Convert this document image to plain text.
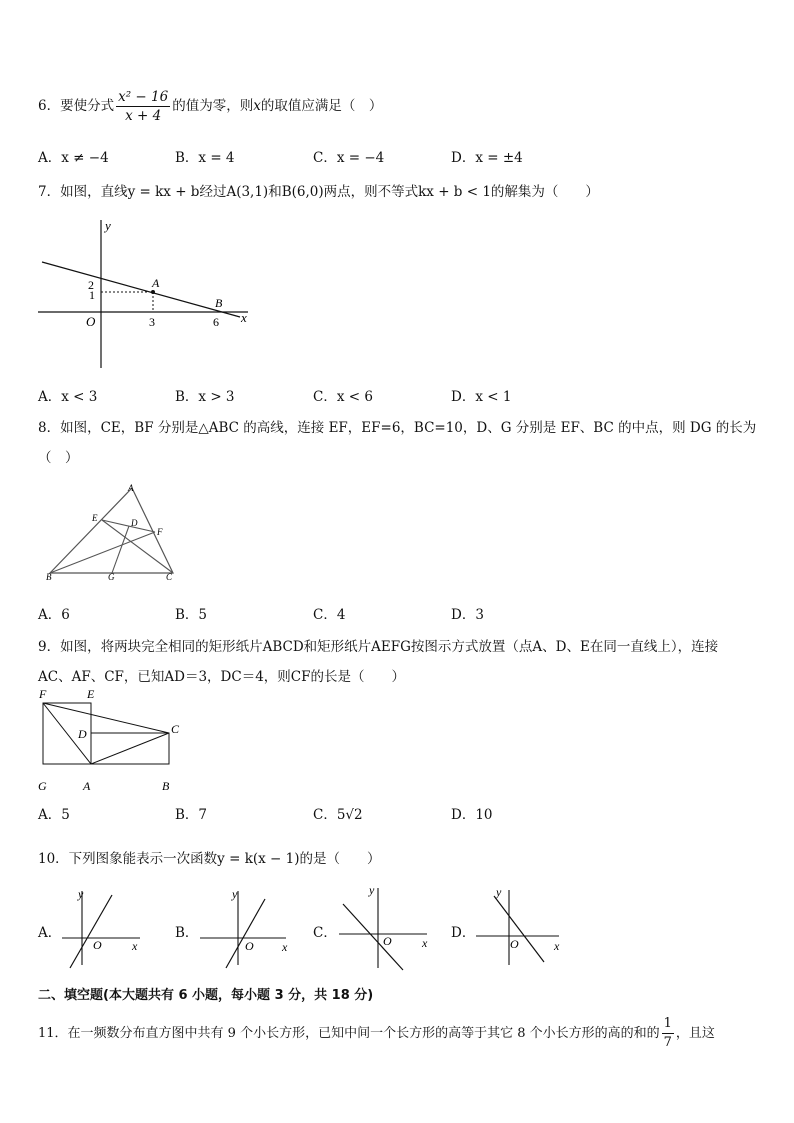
6．要使分式 $\frac{\text{x² − 16}}{x + 4}$ 的值为零，则x的取值应满足（　）
A．x ≠ −4	B．x = 4	C．x = −4	D．x = ±4
7．如图，直线y = kx + b经过A(3,1)和B(6,0)两点，则不等式kx + b < 1的解集为（　　）
y
x
O
2
1
A
B
3	6
A．x < 3	B．x > 3	C．x < 6	D．x < 1
8．如图，CE，BF 分别是△ABC 的高线，连接 EF，EF=6，BC=10，D、G 分别是 EF、BC 的中点，则 DG 的长为
（　）
A
E	D
F
B	G	C
A．6	B．5	C．4	D．3
9．如图，将两块完全相同的矩形纸片ABCD和矩形纸片AEFG按图示方式放置（点A、D、E在同一直线上），连接
AC、AF、CF，已知AD＝3，DC＝4，则CF的长是（　　）
F	E
D	C
G	A	B
A．5	B．7	C．5√2	D．10
10．下列图象能表示一次函数y = k(x − 1)的是（　　）
A．
y
x
O
B．
y
x
O
C．
y
x
O	D．
y
x
O
二、填空题(本大题共有 6 小题，每小题 3 分，共 18 分)
11．在一频数分布直方图中共有 9 个小长方形，已知中间一个长方形的高等于其它 8 个小长方形的高的和的 $\frac{1}{7}$ ，且这
